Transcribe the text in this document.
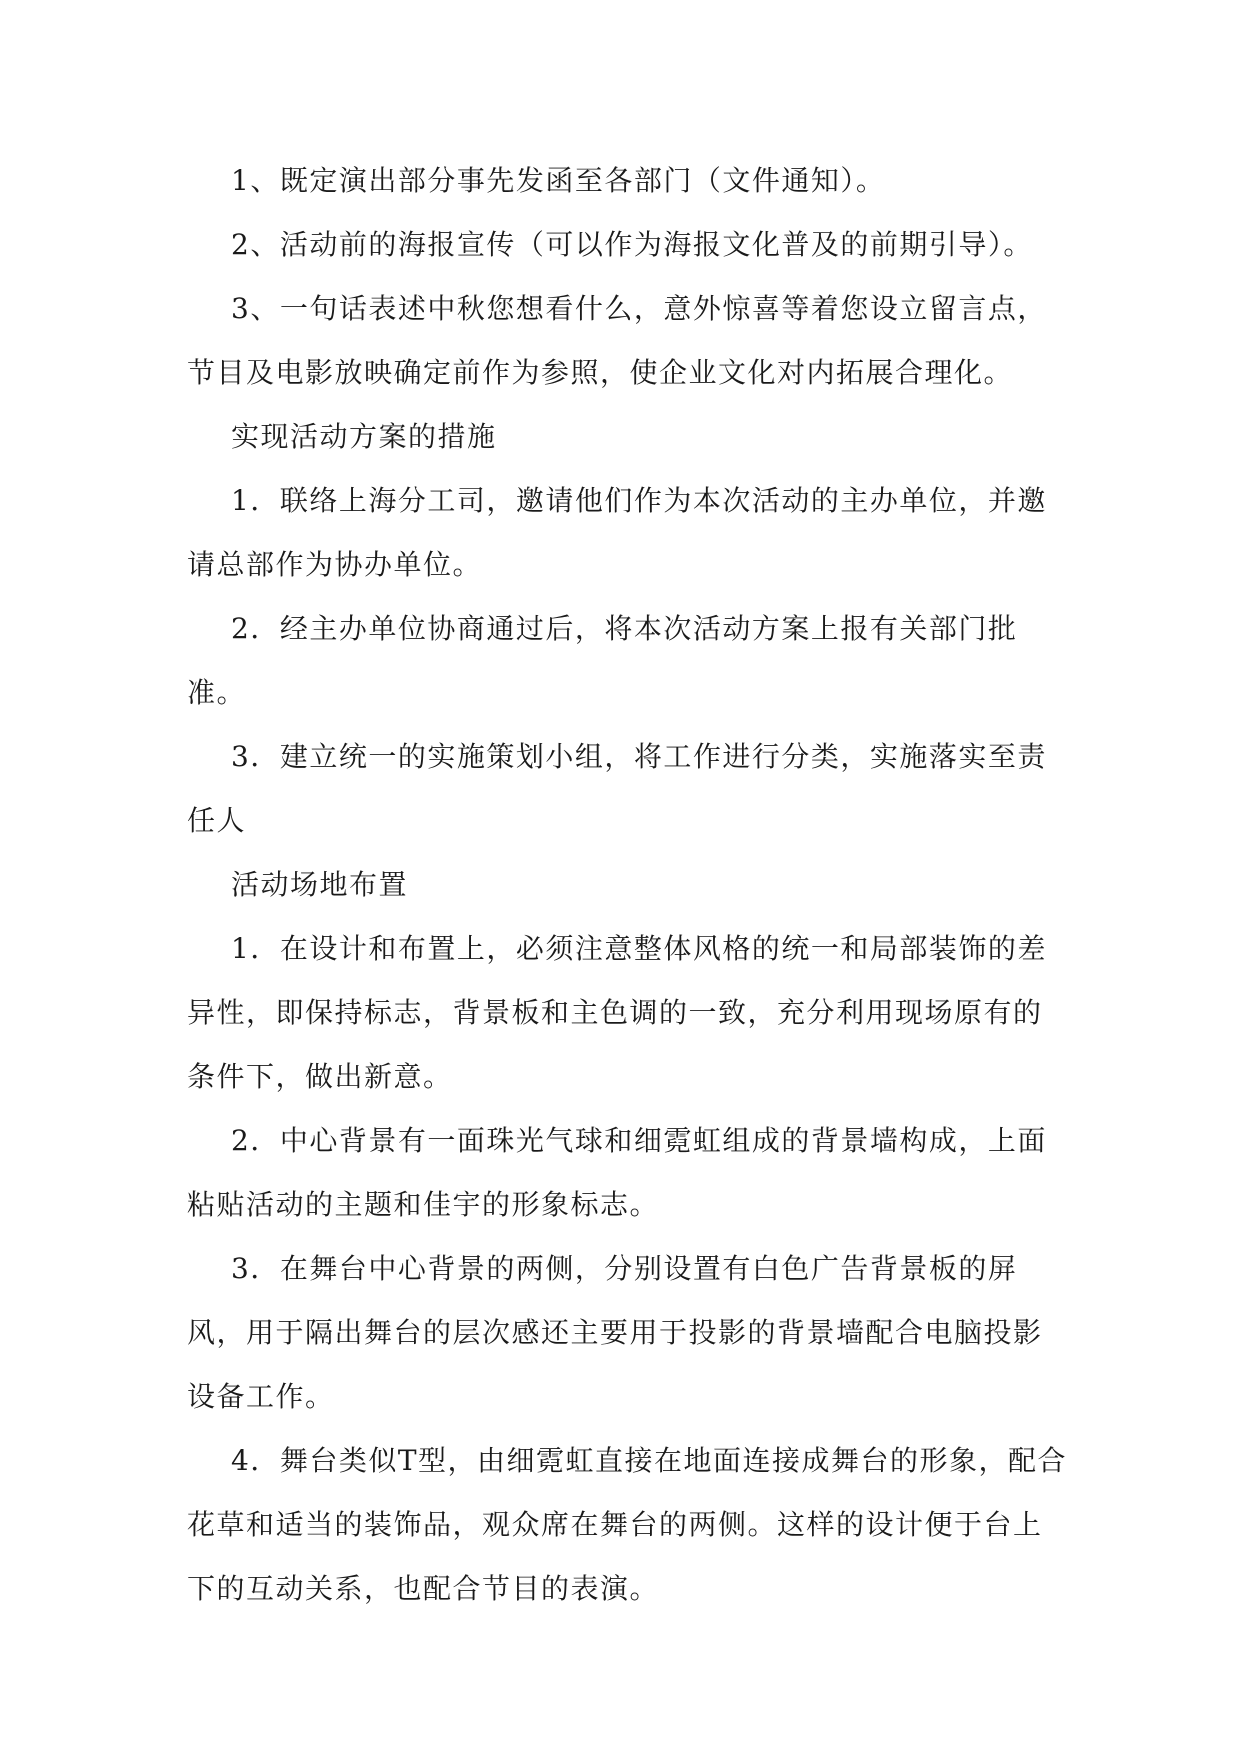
1、既定演出部分事先发函至各部门（文件通知）。

2、活动前的海报宣传（可以作为海报文化普及的前期引导）。

3、一句话表述中秋您想看什么，意外惊喜等着您设立留言点，节目及电影放映确定前作为参照，使企业文化对内拓展合理化。

实现活动方案的措施

1．联络上海分工司，邀请他们作为本次活动的主办单位，并邀请总部作为协办单位。

2．经主办单位协商通过后，将本次活动方案上报有关部门批准。

3．建立统一的实施策划小组，将工作进行分类，实施落实至责任人

活动场地布置

1．在设计和布置上，必须注意整体风格的统一和局部装饰的差异性，即保持标志，背景板和主色调的一致，充分利用现场原有的条件下，做出新意。

2．中心背景有一面珠光气球和细霓虹组成的背景墙构成，上面粘贴活动的主题和佳宇的形象标志。

3．在舞台中心背景的两侧，分别设置有白色广告背景板的屏风，用于隔出舞台的层次感还主要用于投影的背景墙配合电脑投影设备工作。

4．舞台类似T型，由细霓虹直接在地面连接成舞台的形象，配合花草和适当的装饰品，观众席在舞台的两侧。这样的设计便于台上下的互动关系，也配合节目的表演。
